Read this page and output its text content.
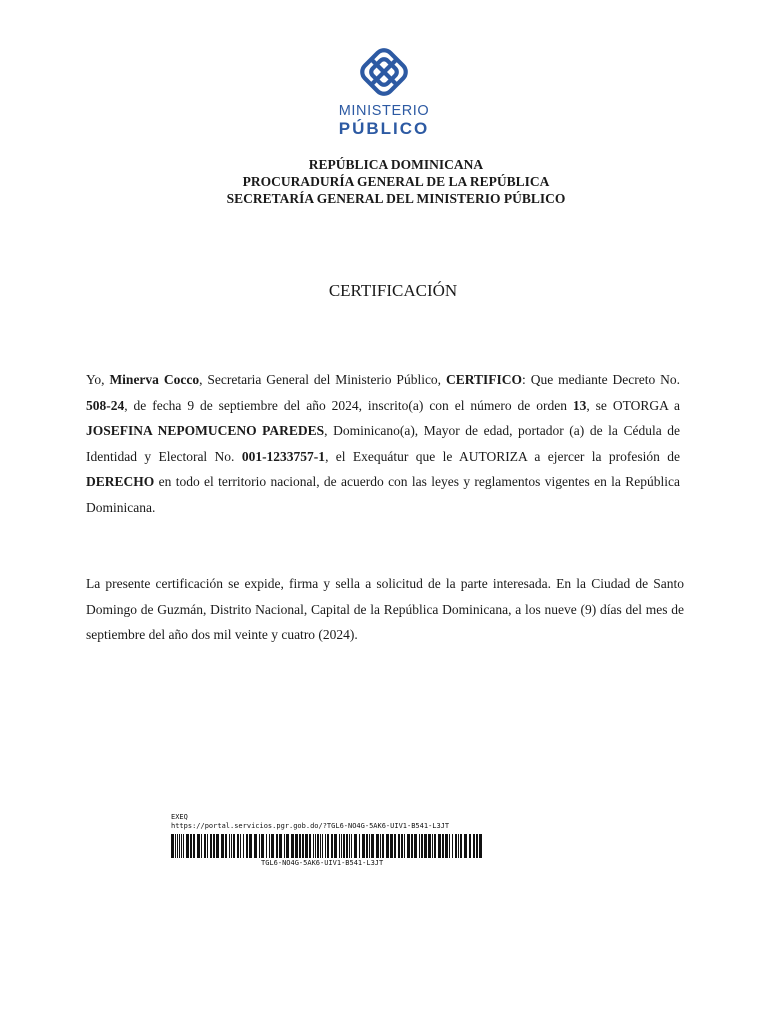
MINISTERIO
PÚBLICO
REPÚBLICA DOMINICANA
PROCURADURÍA GENERAL DE LA REPÚBLICA
SECRETARÍA GENERAL DEL MINISTERIO PÚBLICO
CERTIFICACIÓN
Yo, Minerva Cocco, Secretaria General del Ministerio Público, CERTIFICO: Que mediante Decreto No. 508-24, de fecha 9 de septiembre del año 2024, inscrito(a) con el número de orden 13, se OTORGA a JOSEFINA NEPOMUCENO PAREDES, Dominicano(a), Mayor de edad, portador (a) de la Cédula de Identidad y Electoral No. 001-1233757-1, el Exequátur que le AUTORIZA a ejercer la profesión de DERECHO en todo el territorio nacional, de acuerdo con las leyes y reglamentos vigentes en la República Dominicana.
La presente certificación se expide, firma y sella a solicitud de la parte interesada. En la Ciudad de Santo Domingo de Guzmán, Distrito Nacional, Capital de la República Dominicana, a los nueve (9) días del mes de septiembre del año dos mil veinte y cuatro (2024).
EXEQ
https://portal.servicios.pgr.gob.do/?TGL6-NO4G-5AK6-UIV1-B541-L3JT
TGL6-NO4G-5AK6-UIV1-B541-L3JT
